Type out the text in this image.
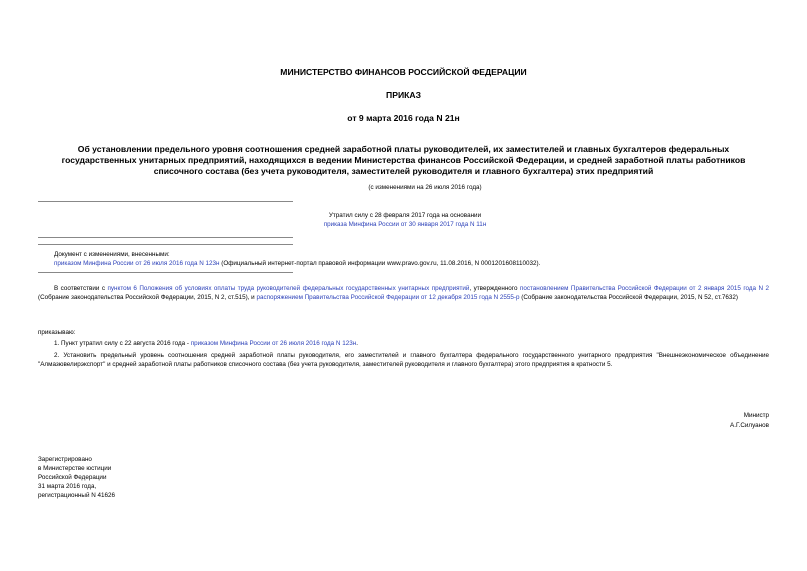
МИНИСТЕРСТВО ФИНАНСОВ РОССИЙСКОЙ ФЕДЕРАЦИИ
ПРИКАЗ
от 9 марта 2016 года N 21н
Об установлении предельного уровня соотношения средней заработной платы руководителей, их заместителей и главных бухгалтеров федеральных
государственных унитарных предприятий, находящихся в ведении Министерства финансов Российской Федерации, и средней заработной платы работников
списочного состава (без учета руководителя, заместителей руководителя и главного бухгалтера) этих предприятий
(с изменениями на 26 июля 2016 года)
Утратил силу с 28 февраля 2017 года на основании
приказа Минфина России от 30 января 2017 года N 11н
Документ с изменениями, внесенными:
приказом Минфина России от 26 июля 2016 года N 123н (Официальный интернет-портал правовой информации www.pravo.gov.ru, 11.08.2016, N 0001201608110032).
В соответствии с пунктом 6 Положения об условиях оплаты труда руководителей федеральных государственных унитарных предприятий, утвержденного постановлением Правительства Российской Федерации от 2 января 2015 года N 2 (Собрание законодательства Российской Федерации, 2015, N 2, ст.515), и распоряжением Правительства Российской Федерации от 12 декабря 2015 года N 2555-р (Собрание законодательства Российской Федерации, 2015, N 52, ст.7632)
приказываю:
1. Пункт утратил силу с 22 августа 2016 года - приказом Минфина России от 26 июля 2016 года N 123н.
2. Установить предельный уровень соотношения средней заработной платы руководителя, его заместителей и главного бухгалтера федерального государственного унитарного предприятия "Внешнеэкономическое объединение "Алмазювелирэкспорт" и средней заработной платы работников списочного состава (без учета руководителя, заместителей руководителя и главного бухгалтера) этого предприятия в кратности 5.
Министр
А.Г.Силуанов
Зарегистрировано
в Министерстве юстиции
Российской Федерации
31 марта 2016 года,
регистрационный N 41626
